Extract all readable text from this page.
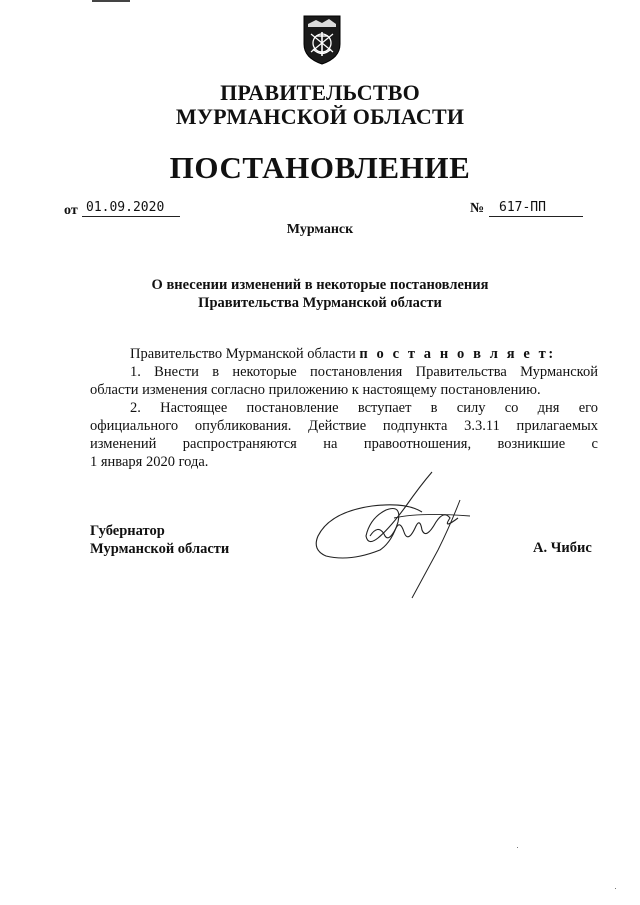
ПРАВИТЕЛЬСТВО
МУРМАНСКОЙ ОБЛАСТИ
ПОСТАНОВЛЕНИЕ
от 01.09.2020	№	617-ПП
Мурманск
О внесении изменений в некоторые постановления
Правительства Мурманской области
Правительство Мурманской области п о с т а н о в л я е т:
1. Внести в некоторые постановления Правительства Мурманской
области изменения согласно приложению к настоящему постановлению.
2. Настоящее постановление вступает в силу со дня его
официального опубликования. Действие подпункта 3.3.11 прилагаемых
изменений распространяются на правоотношения, возникшие с
1 января 2020 года.
Губернатор
Мурманской области	А. Чибис
